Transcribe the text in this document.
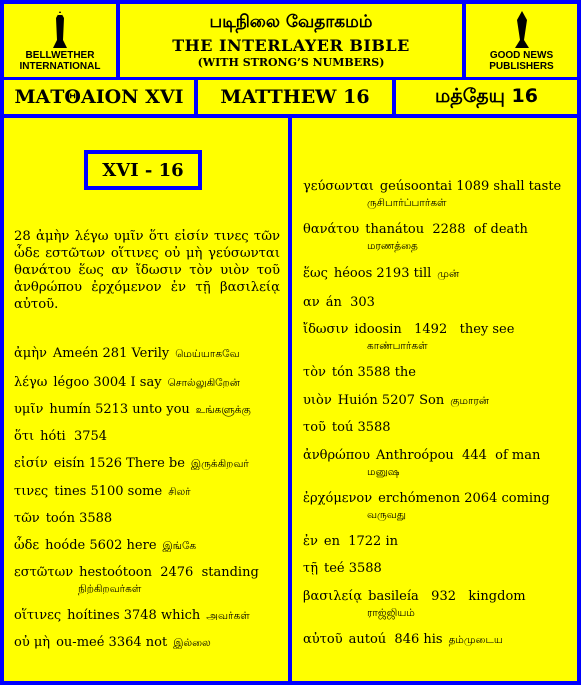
BELLWETHER INTERNATIONAL
படிநிலை வேதாகமம்
THE INTERLAYER BIBLE
(WITH STRONG’S NUMBERS)
GOOD NEWS PUBLISHERS
ΜΑΤΘΑΙΟΝ XVI MATTHEW 16	மத்தேயு 16
XVI - 16
28 ἀμὴν λέγω υμῖν ὅτι εἰσίν τινες τῶν ὧδε εστῶτων οἵτινες οὐ μὴ γεύσωνται θανάτου ἕως αν ἴδωσιν τὸν υιὸν τοῦ ἀνθρώπου ἐρχόμενον ἐν τῇ βασιλείᾳ αὐτοῦ.
ἀμὴν Ameén 281 Verily மெய்யாகவே
λέγω légoo 3004 I say சொல்லுகிறேன்
υμῖν humín 5213 unto you உங்களுக்கு
ὅτι hóti  3754
εἰσίν eisín 1526 There be இருக்கிறவர்
τινες tines 5100 some சிலர்
τῶν toón 3588
ὧδε hoóde 5602 here இங்கே
εστῶτων hestoótoon  2476  standing
நிற்கிறவர்கள்
οἵτινες hoítines 3748 which அவர்கள்
οὐ μὴ ou-meé 3364 not இல்லை
γεύσωνται geúsoontai 1089 shall taste
ருசிபார்ப்பார்கள்
θανάτου thanátou  2288  of death
மரணத்தை
ἕως héoos 2193 till முன்
αν án  303
ἴδωσιν idoosin   1492   they see
காண்பார்கள்
τὸν tón 3588 the
υιὸν Huión 5207 Son குமாரன்
τοῦ toú 3588
ἀνθρώπου Anthroópou  444  of man
மனுஷ
ἐρχόμενον erchómenon 2064 coming
வருவது
ἐν en  1722 in
τῇ teé 3588
βασιλείᾳ basileía   932   kingdom
ராஜ்ஜியம்
αὐτοῦ autoú  846 his தம்முடைய
